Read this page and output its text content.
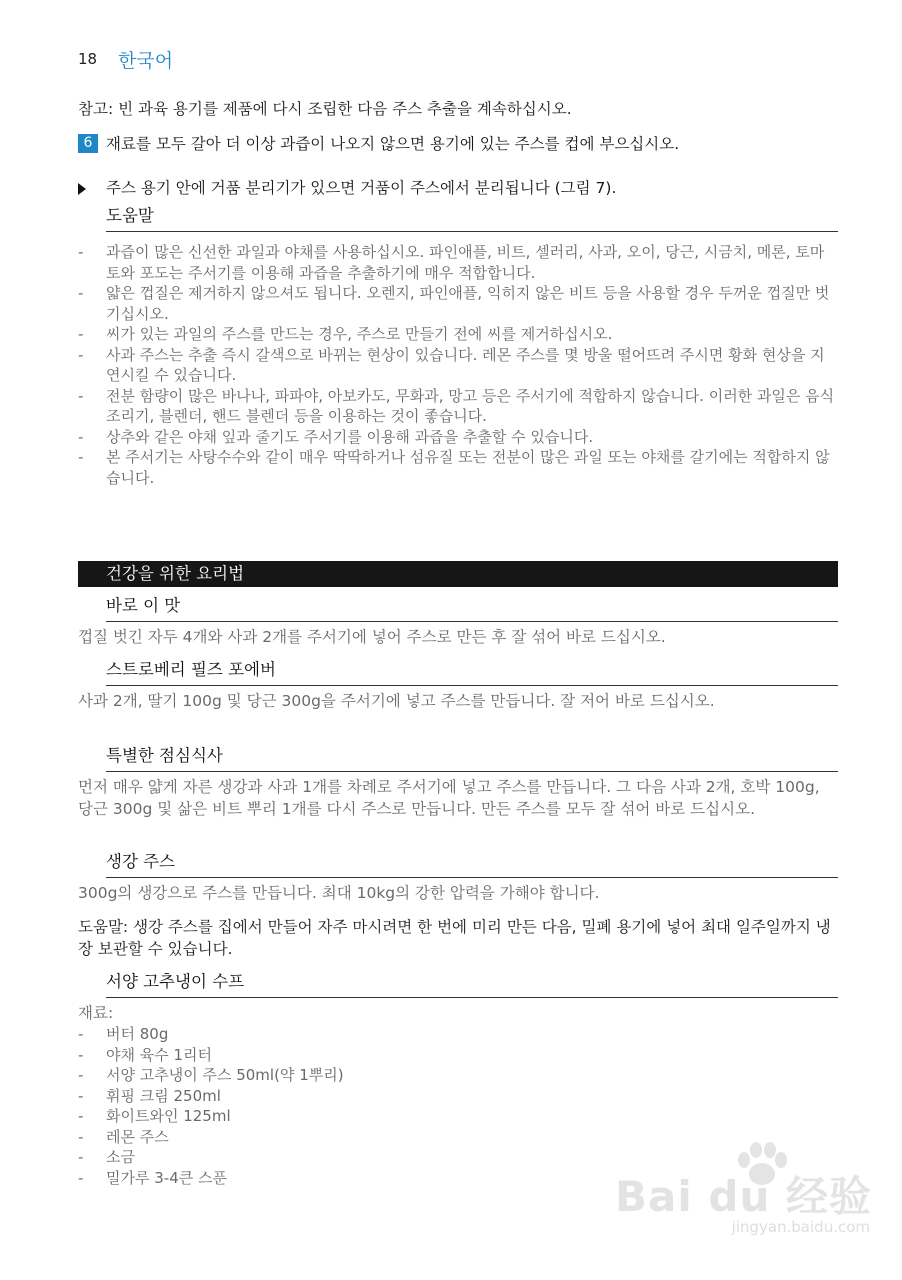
18 한국어
참고: 빈 과육 용기를 제품에 다시 조립한 다음 주스 추출을 계속하십시오.
6 재료를 모두 갈아 더 이상 과즙이 나오지 않으면 용기에 있는 주스를 컵에 부으십시오.
주스 용기 안에 거품 분리기가 있으면 거품이 주스에서 분리됩니다 (그림 7).
도움말
- 과즙이 많은 신선한 과일과 야채를 사용하십시오. 파인애플, 비트, 셀러리, 사과, 오이, 당근, 시금치, 메론, 토마토와 포도는 주서기를 이용해 과즙을 추출하기에 매우 적합합니다.
- 얇은 껍질은 제거하지 않으셔도 됩니다. 오렌지, 파인애플, 익히지 않은 비트 등을 사용할 경우 두꺼운 껍질만 벗기십시오.
- 씨가 있는 과일의 주스를 만드는 경우, 주스로 만들기 전에 씨를 제거하십시오.
- 사과 주스는 추출 즉시 갈색으로 바뀌는 현상이 있습니다. 레몬 주스를 몇 방울 떨어뜨려 주시면 황화 현상을 지연시킬 수 있습니다.
- 전분 함량이 많은 바나나, 파파야, 아보카도, 무화과, 망고 등은 주서기에 적합하지 않습니다. 이러한 과일은 음식 조리기, 블렌더, 핸드 블렌더 등을 이용하는 것이 좋습니다.
- 상추와 같은 야채 잎과 줄기도 주서기를 이용해 과즙을 추출할 수 있습니다.
- 본 주서기는 사탕수수와 같이 매우 딱딱하거나 섬유질 또는 전분이 많은 과일 또는 야채를 갈기에는 적합하지 않습니다.
건강을 위한 요리법
바로 이 맛
껍질 벗긴 자두 4개와 사과 2개를 주서기에 넣어 주스로 만든 후 잘 섞어 바로 드십시오.
스트로베리 필즈 포에버
사과 2개, 딸기 100g 및 당근 300g을 주서기에 넣고 주스를 만듭니다. 잘 저어 바로 드십시오.
특별한 점심식사
먼저 매우 얇게 자른 생강과 사과 1개를 차례로 주서기에 넣고 주스를 만듭니다. 그 다음 사과 2개, 호박 100g, 당근 300g 및 삶은 비트 뿌리 1개를 다시 주스로 만듭니다. 만든 주스를 모두 잘 섞어 바로 드십시오.
생강 주스
300g의 생강으로 주스를 만듭니다. 최대 10kg의 강한 압력을 가해야 합니다.
도움말: 생강 주스를 집에서 만들어 자주 마시려면 한 번에 미리 만든 다음, 밀폐 용기에 넣어 최대 일주일까지 냉장 보관할 수 있습니다.
서양 고추냉이 수프
재료:
- 버터 80g
- 야채 육수 1리터
- 서양 고추냉이 주스 50ml(약 1뿌리)
- 휘핑 크림 250ml
- 화이트와인 125ml
- 레몬 주스
- 소금
- 밀가루 3-4큰 스푼	Bai du 经验
jingyan.baidu.com
